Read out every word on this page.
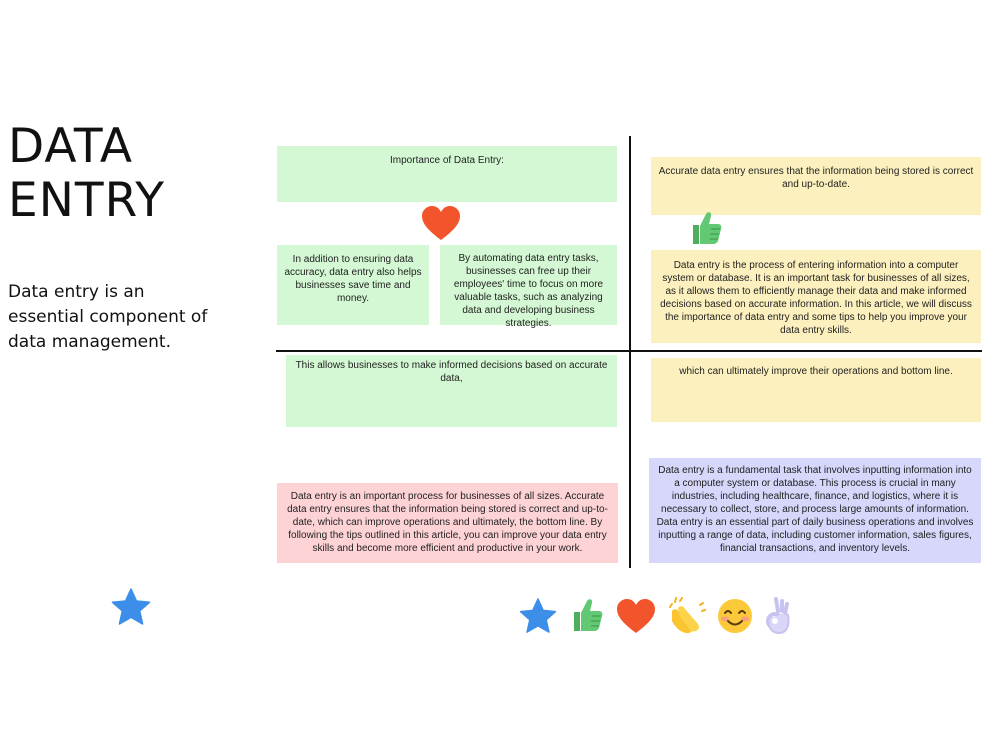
DATA ENTRY
Data entry is an essential component of data management.
Importance of Data Entry:
In addition to ensuring data accuracy, data entry also helps businesses save time and money.
By automating data entry tasks, businesses can free up their employees' time to focus on more valuable tasks, such as analyzing data and developing business strategies.
Accurate data entry ensures that the information being stored is correct and up-to-date.
Data entry is the process of entering information into a computer system or database. It is an important task for businesses of all sizes, as it allows them to efficiently manage their data and make informed decisions based on accurate information. In this article, we will discuss the importance of data entry and some tips to help you improve your data entry skills.
This allows businesses to make informed decisions based on accurate data,
Data entry is an important process for businesses of all sizes. Accurate data entry ensures that the information being stored is correct and up-to-date, which can improve operations and ultimately, the bottom line. By following the tips outlined in this article, you can improve your data entry skills and become more efficient and productive in your work.
which can ultimately improve their operations and bottom line.
Data entry is a fundamental task that involves inputting information into a computer system or database. This process is crucial in many industries, including healthcare, finance, and logistics, where it is necessary to collect, store, and process large amounts of information. Data entry is an essential part of daily business operations and involves inputting a range of data, including customer information, sales figures, financial transactions, and inventory levels.
